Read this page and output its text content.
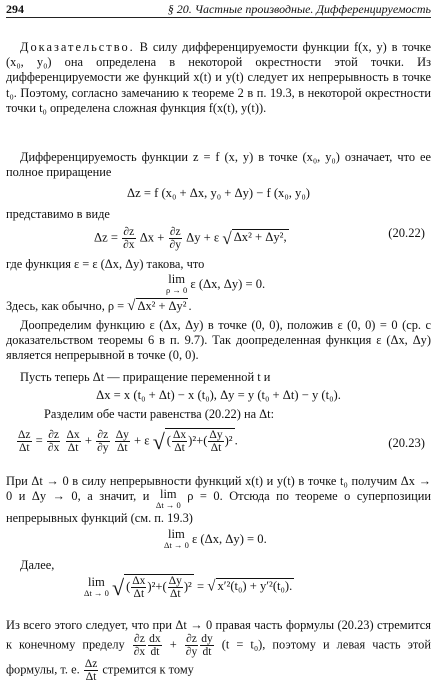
294	§ 20. Частные производные. Дифференцируемость

Доказательство. В силу дифференцируемости функции f(x, y) в точке (x₀, y₀) она определена в некоторой окрестности этой точки. Из дифференцируемости же функций x(t) и y(t) следует их непрерывность в точке t₀. Поэтому, согласно замечанию к теореме 2 в п. 19.3, в некоторой окрестности точки t₀ определена сложная функция f(x(t), y(t)).

Дифференцируемость функции z = f (x, y) в точке (x₀, y₀) означает, что ее полное приращение

Δz = f (x₀ + Δx, y₀ + Δy) − f (x₀, y₀)

представимо в виде

$\Delta z = \frac{\partial z}{\partial x}$ $\Delta x + \frac{\partial z}{\partial y}$ Δy + ε √ Δx² + Δy²,	(20.22)

где функция ε = ε (Δx, Δy) такова, что

lim
ρ → 0 ε (Δx, Δy) = 0.

Здесь, как обычно, ρ = √ Δx² + Δy² .

Доопределим функцию ε (Δx, Δy) в точке (0, 0), положив ε (0, 0) = 0 (ср. с доказательством теоремы 6 в п. 9.7). Так доопределенная функция ε (Δx, Δy) является непрерывной в точке (0, 0).

Пусть теперь Δt — приращение переменной t и

Δx = x (t₀ + Δt) − x (t₀), Δy = y (t₀ + Δt) − y (t₀).

Разделим обе части равенства (20.22) на Δt:

$\frac{\Delta z}{\Delta t} = \frac{\partial z}{\partial x}$
$\frac{\Delta x}{\Delta t} + \frac{\partial z}{\partial y}$
$\frac{\Delta y}{\Delta t} + \varepsilon$ √( $\frac{\Delta x}{\Delta t} )^2+( \frac{\Delta y}{\Delta t} )^2$.	(20.23)

При Δt → 0 в силу непрерывности функций x(t) и y(t) в точке t₀ получим Δx → 0 и Δy → 0, а значит, и lim
Δt → 0
ρ = 0. Отсюда по теореме о суперпозиции непрерывных функций (см. п. 19.3)

lim
Δt → 0 ε (Δx, Δy) = 0.

Далее,

lim
Δt → 0 √( $\frac{\Delta x}{\Delta t} )^2+( \frac{\Delta y}{\Delta t} )^2$ = √ x′²(t₀) + y′²(t₀).

Из всего этого следует, что при Δt → 0 правая часть формулы (20.23) стремится к конечному пределу $\frac{\partial z}{\partial x} \frac{dx}{dt} + \frac{\partial z}{\partial y} \frac{dy}{dt} (t = t_0)$, поэтому и левая часть этой формулы, т. е. $\frac{\Delta z}{\Delta t}$ стремится к тому
